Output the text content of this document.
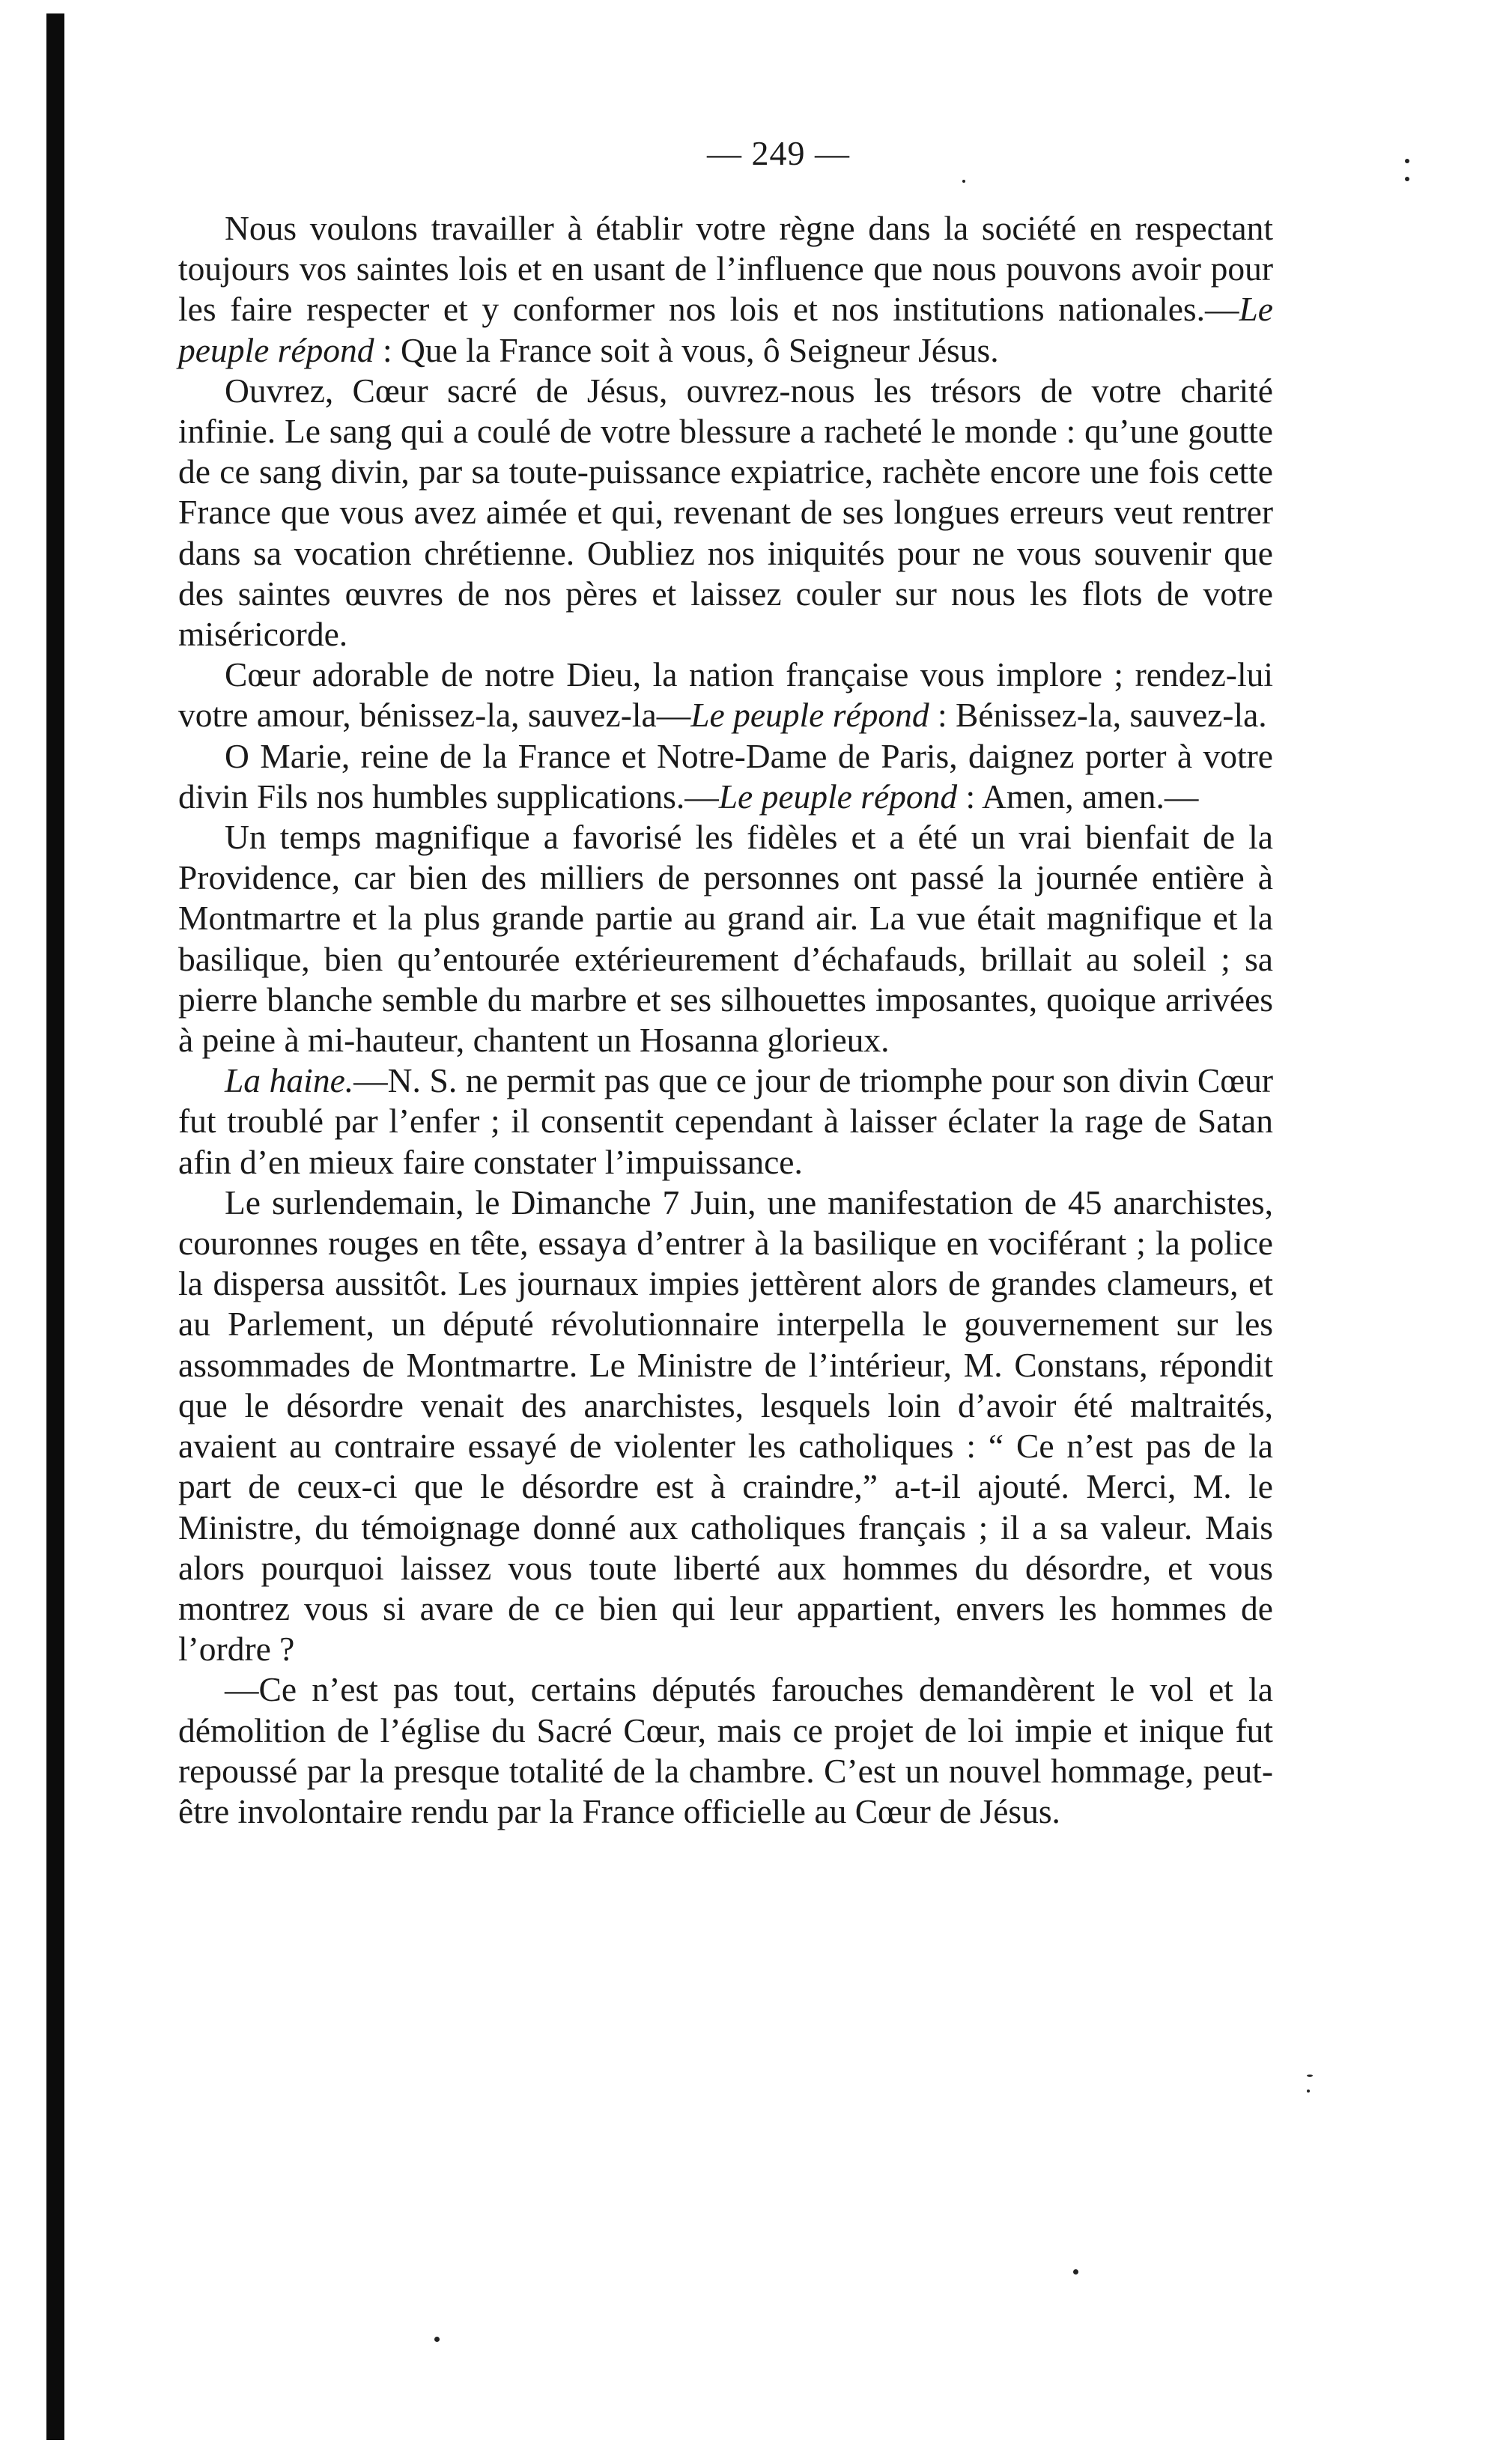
— 249 —

Nous voulons travailler à établir votre règne dans la société en respectant toujours vos saintes lois et en usant de l’influence que nous pouvons avoir pour les faire respecter et y conformer nos lois et nos institutions nationales.—Le peuple répond : Que la France soit à vous, ô Seigneur Jésus.

Ouvrez, Cœur sacré de Jésus, ouvrez-nous les trésors de votre charité infinie. Le sang qui a coulé de votre blessure a racheté le monde : qu’une goutte de ce sang divin, par sa toute-puissance expiatrice, rachète encore une fois cette France que vous avez aimée et qui, revenant de ses longues erreurs veut rentrer dans sa vocation chrétienne. Oubliez nos iniquités pour ne vous souvenir que des saintes œuvres de nos pères et laissez couler sur nous les flots de votre miséricorde.

Cœur adorable de notre Dieu, la nation française vous implore ; rendez-lui votre amour, bénissez-la, sauvez-la—Le peuple répond : Bénissez-la, sauvez-la.

O Marie, reine de la France et Notre-Dame de Paris, daignez porter à votre divin Fils nos humbles supplications.—Le peuple répond : Amen, amen.—

Un temps magnifique a favorisé les fidèles et a été un vrai bienfait de la Providence, car bien des milliers de personnes ont passé la journée entière à Montmartre et la plus grande partie au grand air. La vue était magnifique et la basilique, bien qu’entourée extérieurement d’échafauds, brillait au soleil ; sa pierre blanche semble du marbre et ses silhouettes imposantes, quoique arrivées à peine à mi-hauteur, chantent un Hosanna glorieux.

La haine.—N. S. ne permit pas que ce jour de triomphe pour son divin Cœur fut troublé par l’enfer ; il consentit cependant à laisser éclater la rage de Satan afin d’en mieux faire constater l’impuissance.

Le surlendemain, le Dimanche 7 Juin, une manifestation de 45 anarchistes, couronnes rouges en tête, essaya d’entrer à la basilique en vociférant ; la police la dispersa aussitôt. Les journaux impies jettèrent alors de grandes clameurs, et au Parlement, un député révolutionnaire interpella le gouvernement sur les assommades de Montmartre. Le Ministre de l’intérieur, M. Constans, répondit que le désordre venait des anarchistes, lesquels loin d’avoir été maltraités, avaient au contraire essayé de violenter les catholiques : “ Ce n’est pas de la part de ceux-ci que le désordre est à craindre,” a-t-il ajouté. Merci, M. le Ministre, du témoignage donné aux catholiques français ; il a sa valeur. Mais alors pourquoi laissez vous toute liberté aux hommes du désordre, et vous montrez vous si avare de ce bien qui leur appartient, envers les hommes de l’ordre ?

—Ce n’est pas tout, certains députés farouches demandèrent le vol et la démolition de l’église du Sacré Cœur, mais ce projet de loi impie et inique fut repoussé par la presque totalité de la chambre. C’est un nouvel hommage, peut-être involontaire rendu par la France officielle au Cœur de Jésus.
